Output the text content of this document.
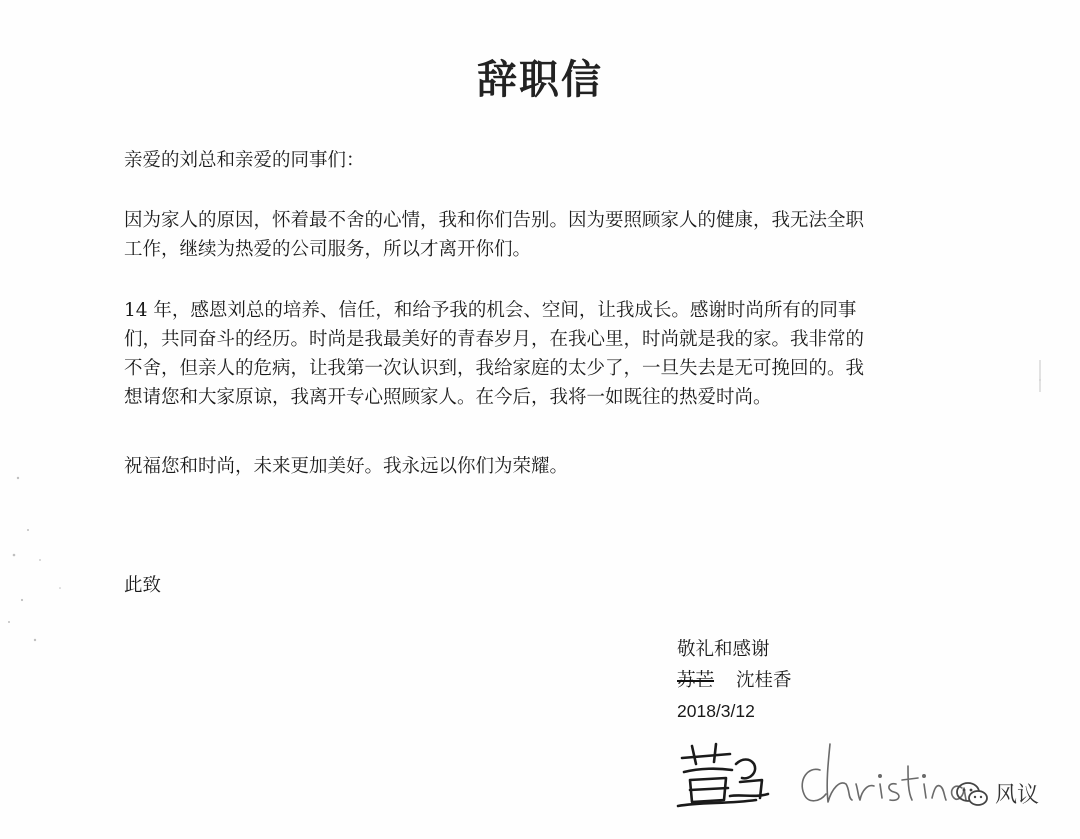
辞职信

亲爱的刘总和亲爱的同事们：

因为家人的原因，怀着最不舍的心情，我和你们告别。因为要照顾家人的健康，我无法全职
工作，继续为热爱的公司服务，所以才离开你们。
14 年，感恩刘总的培养、信任，和给予我的机会、空间，让我成长。感谢时尚所有的同事
们，共同奋斗的经历。时尚是我最美好的青春岁月，在我心里，时尚就是我的家。我非常的
不舍，但亲人的危病，让我第一次认识到，我给家庭的太少了，一旦失去是无可挽回的。我
想请您和大家原谅，我离开专心照顾家人。在今后，我将一如既往的热爱时尚。

祝福您和时尚，未来更加美好。我永远以你们为荣耀。

此致

敬礼和感谢
苏芒 沈桂香
2018/3/12
风议
